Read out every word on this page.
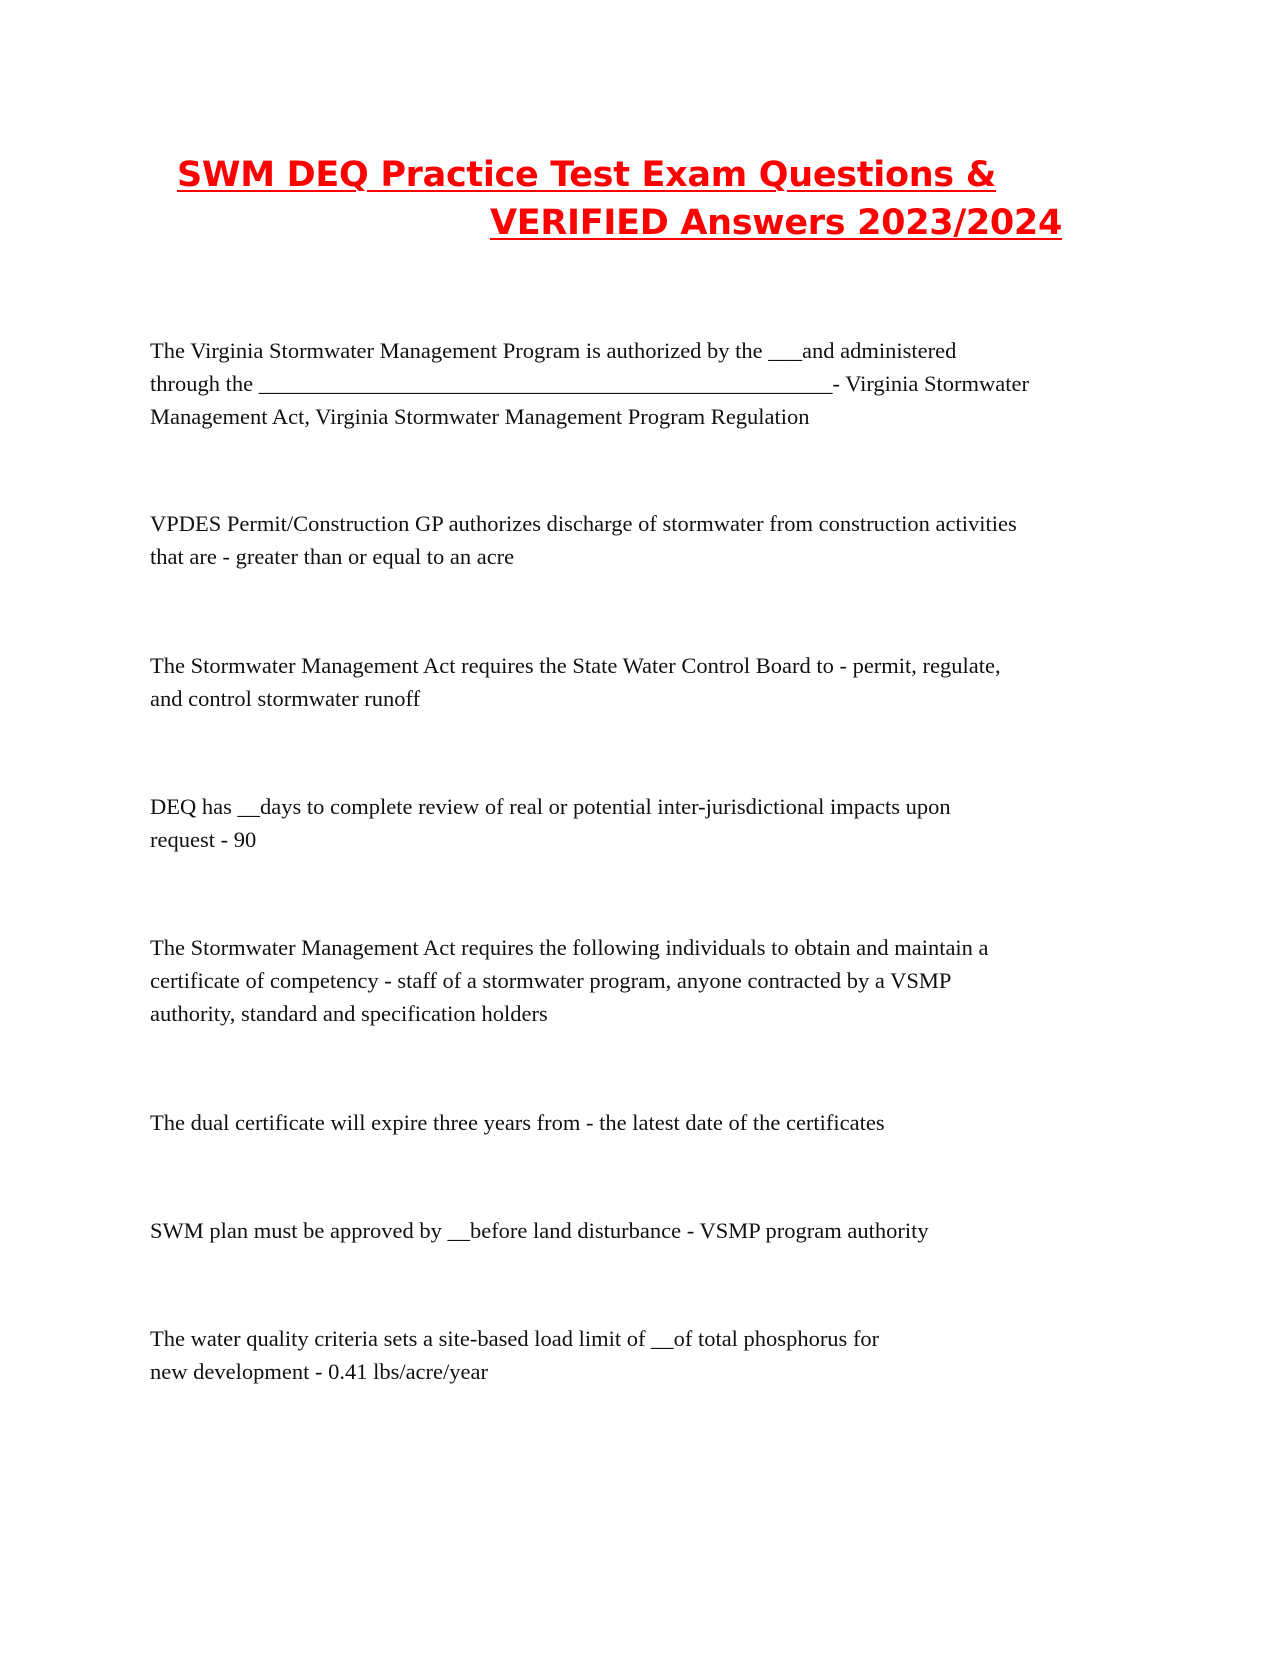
SWM DEQ Practice Test Exam Questions &
VERIFIED Answers 2023/2024

The Virginia Stormwater Management Program is authorized by the ___and administered
through the ___________________________________________________- Virginia Stormwater
Management Act, Virginia Stormwater Management Program Regulation

VPDES Permit/Construction GP authorizes discharge of stormwater from construction activities
that are - greater than or equal to an acre

The Stormwater Management Act requires the State Water Control Board to - permit, regulate,
and control stormwater runoff

DEQ has __days to complete review of real or potential inter-jurisdictional impacts upon
request - 90

The Stormwater Management Act requires the following individuals to obtain and maintain a
certificate of competency - staff of a stormwater program, anyone contracted by a VSMP
authority, standard and specification holders

The dual certificate will expire three years from - the latest date of the certificates

SWM plan must be approved by __before land disturbance - VSMP program authority

The water quality criteria sets a site-based load limit of __of total phosphorus for
new development - 0.41 lbs/acre/year
